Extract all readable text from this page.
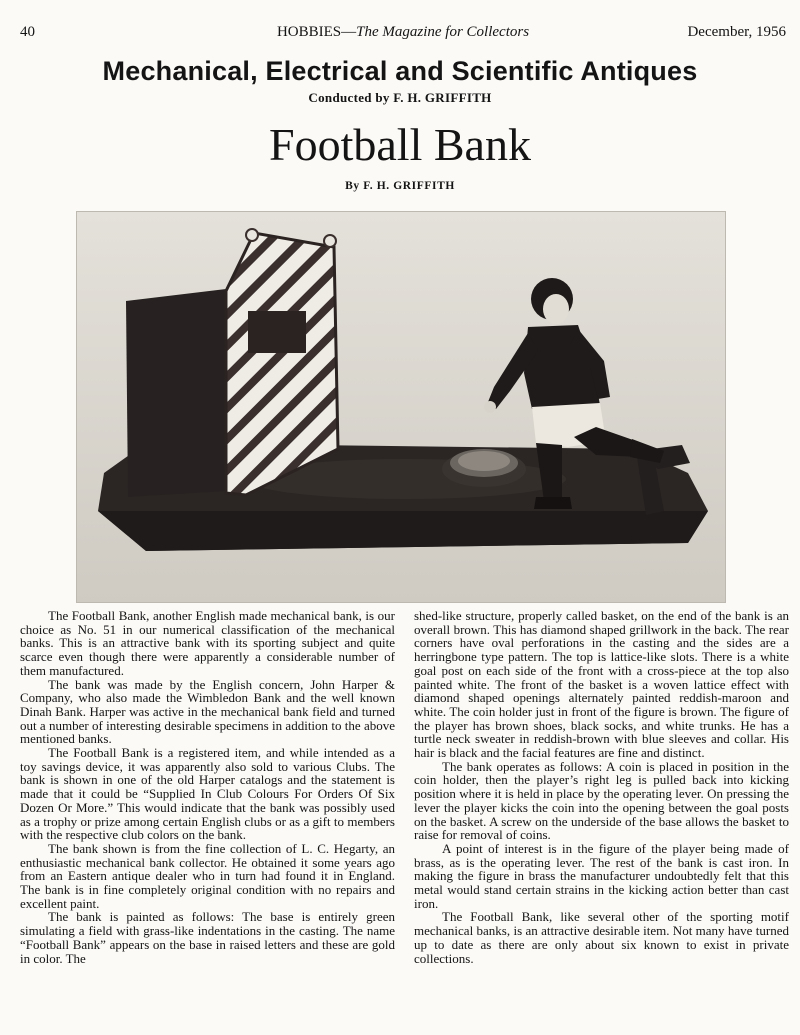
40	HOBBIES—The Magazine for Collectors	December, 1956
Mechanical, Electrical and Scientific Antiques
Conducted by F. H. GRIFFITH
Football Bank
By F. H. GRIFFITH

The Football Bank, another English made mechanical bank, is our choice as No. 51 in our numerical classification of the mechanical banks. This is an attractive bank with its sporting subject and quite scarce even though there were apparently a considerable number of them manufactured.

The bank was made by the English concern, John Harper & Company, who also made the Wimbledon Bank and the well known Dinah Bank. Harper was active in the mechanical bank field and turned out a number of interesting desirable specimens in addition to the above mentioned banks.

The Football Bank is a registered item, and while intended as a toy savings device, it was apparently also sold to various Clubs. The bank is shown in one of the old Harper catalogs and the statement is made that it could be “Supplied In Club Colours For Orders Of Six Dozen Or More.” This would indicate that the bank was possibly used as a trophy or prize among certain English clubs or as a gift to members with the respective club colors on the bank.

The bank shown is from the fine collection of L. C. Hegarty, an enthusiastic mechanical bank collector. He obtained it some years ago from an Eastern antique dealer who in turn had found it in England. The bank is in fine completely original condition with no repairs and excellent paint.

The bank is painted as follows: The base is entirely green simulating a field with grass-like indentations in the casting. The name “Football Bank” appears on the base in raised letters and these are gold in color. The

shed-like structure, properly called basket, on the end of the bank is an overall brown. This has diamond shaped grillwork in the back. The rear corners have oval perforations in the casting and the sides are a herringbone type pattern. The top is lattice-like slots. There is a white goal post on each side of the front with a cross-piece at the top also painted white. The front of the basket is a woven lattice effect with diamond shaped openings alternately painted reddish-maroon and white. The coin holder just in front of the figure is brown. The figure of the player has brown shoes, black socks, and white trunks. He has a turtle neck sweater in reddish-brown with blue sleeves and collar. His hair is black and the facial features are fine and distinct.

The bank operates as follows: A coin is placed in position in the coin holder, then the player’s right leg is pulled back into kicking position where it is held in place by the operating lever. On pressing the lever the player kicks the coin into the opening between the goal posts on the basket. A screw on the underside of the base allows the basket to raise for removal of coins.

A point of interest is in the figure of the player being made of brass, as is the operating lever. The rest of the bank is cast iron. In making the figure in brass the manufacturer undoubtedly felt that this metal would stand certain strains in the kicking action better than cast iron.

The Football Bank, like several other of the sporting motif mechanical banks, is an attractive desirable item. Not many have turned up to date as there are only about six known to exist in private collections.
